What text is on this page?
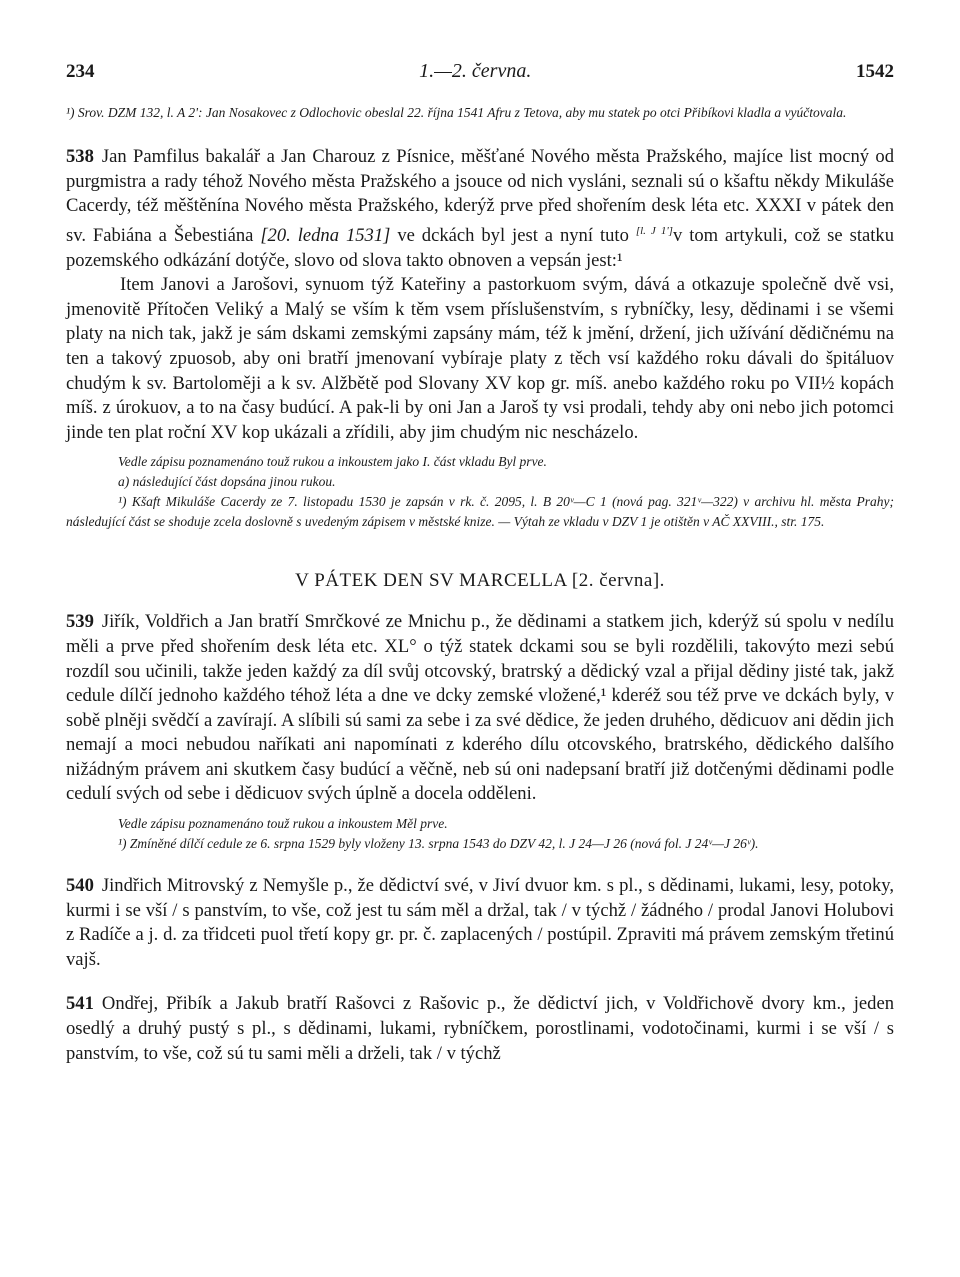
234	1.—2. června.	1542

¹) Srov. DZM 132, l. A 2': Jan Nosakovec z Odlochovic obeslal 22. října 1541 Afru z Tetova, aby mu statek po otci Přibíkovi kladla a vyúčtovala.

538 Jan Pamfilus bakalář a Jan Charouz z Písnice, měšťané Nového města Pražského, majíce list mocný od purgmistra a rady téhož Nového města Pražského a jsouce od nich vysláni, seznali sú o kšaftu někdy Mikuláše Cacerdy, též měštěnína Nového města Pražského, kderýž prve před shořením desk léta etc. XXXI v pátek den sv. Fabiána a Šebestiána [20. ledna 1531] ve dckách byl jest a nyní tuto [l. J 1']v tom artykuli, což se statku pozemského odkázání dotýče, slovo od slova takto obnoven a vepsán jest:¹

Item Janovi a Jarošovi, synuom týž Kateřiny a pastorkuom svým, dává a otkazuje společně dvě vsi, jmenovitě Přítočen Veliký a Malý se vším k těm vsem příslušenstvím, s rybníčky, lesy, dědinami i se všemi platy na nich tak, jakž je sám dskami zemskými zapsány mám, též k jmění, držení, jich užívání dědičnému na ten a takový zpuosob, aby oni bratří jmenovaní vybíraje platy z těch vsí každého roku dávali do špitáluov chudým k sv. Bartoloměji a k sv. Alžbětě pod Slovany XV kop gr. míš. anebo každého roku po VII½ kopách míš. z úrokuov, a to na časy budúcí. A pak-li by oni Jan a Jaroš ty vsi prodali, tehdy aby oni nebo jich potomci jinde ten plat roční XV kop ukázali a zřídili, aby jim chudým nic nescházelo.

Vedle zápisu poznamenáno touž rukou a inkoustem jako I. část vkladu Byl prve.

a) následující část dopsána jinou rukou.

¹) Kšaft Mikuláše Cacerdy ze 7. listopadu 1530 je zapsán v rk. č. 2095, l. B 20ᵛ—C 1 (nová pag. 321ᵛ—322) v archivu hl. města Prahy; následující část se shoduje zcela doslovně s uvedeným zápisem v městské knize. — Výtah ze vkladu v DZV 1 je otištěn v AČ XXVIII., str. 175.

V PÁTEK DEN SV MARCELLA [2. června].

539 Jiřík, Voldřich a Jan bratří Smrčkové ze Mnichu p., že dědinami a statkem jich, kderýž sú spolu v nedílu měli a prve před shořením desk léta etc. XL° o týž statek dckami sou se byli rozdělili, takovýto mezi sebú rozdíl sou učinili, takže jeden každý za díl svůj otcovský, bratrský a dědický vzal a přijal dědiny jisté tak, jakž cedule dílčí jednoho každého téhož léta a dne ve dcky zemské vložené,¹ kderéž sou též prve ve dckách byly, v sobě plněji svědčí a zavírají. A slíbili sú sami za sebe i za své dědice, že jeden druhého, dědicuov ani dědin jich nemají a moci nebudou naříkati ani napomínati z kderého dílu otcovského, bratrského, dědického dalšího nižádným právem ani skutkem časy budúcí a věčně, neb sú oni nadepsaní bratří již dotčenými dědinami podle cedulí svých od sebe i dědicuov svých úplně a docela odděleni.

Vedle zápisu poznamenáno touž rukou a inkoustem Měl prve.

¹) Zmíněné dílčí cedule ze 6. srpna 1529 byly vloženy 13. srpna 1543 do DZV 42, l. J 24—J 26 (nová fol. J 24ᵛ—J 26ᵛ).

540 Jindřich Mitrovský z Nemyšle p., že dědictví své, v Jiví dvuor km. s pl., s dědinami, lukami, lesy, potoky, kurmi i se vší / s panstvím, to vše, což jest tu sám měl a držal, tak / v týchž / žádného / prodal Janovi Holubovi z Radíče a j. d. za třidceti puol třetí kopy gr. pr. č. zaplacených / postúpil. Zpraviti má právem zemským třetinú vajš.

541 Ondřej, Přibík a Jakub bratří Rašovci z Rašovic p., že dědictví jich, v Voldřichově dvory km., jeden osedlý a druhý pustý s pl., s dědinami, lukami, rybníčkem, porostlinami, vodotočinami, kurmi i se vší / s panstvím, to vše, což sú tu sami měli a drželi, tak / v týchž
